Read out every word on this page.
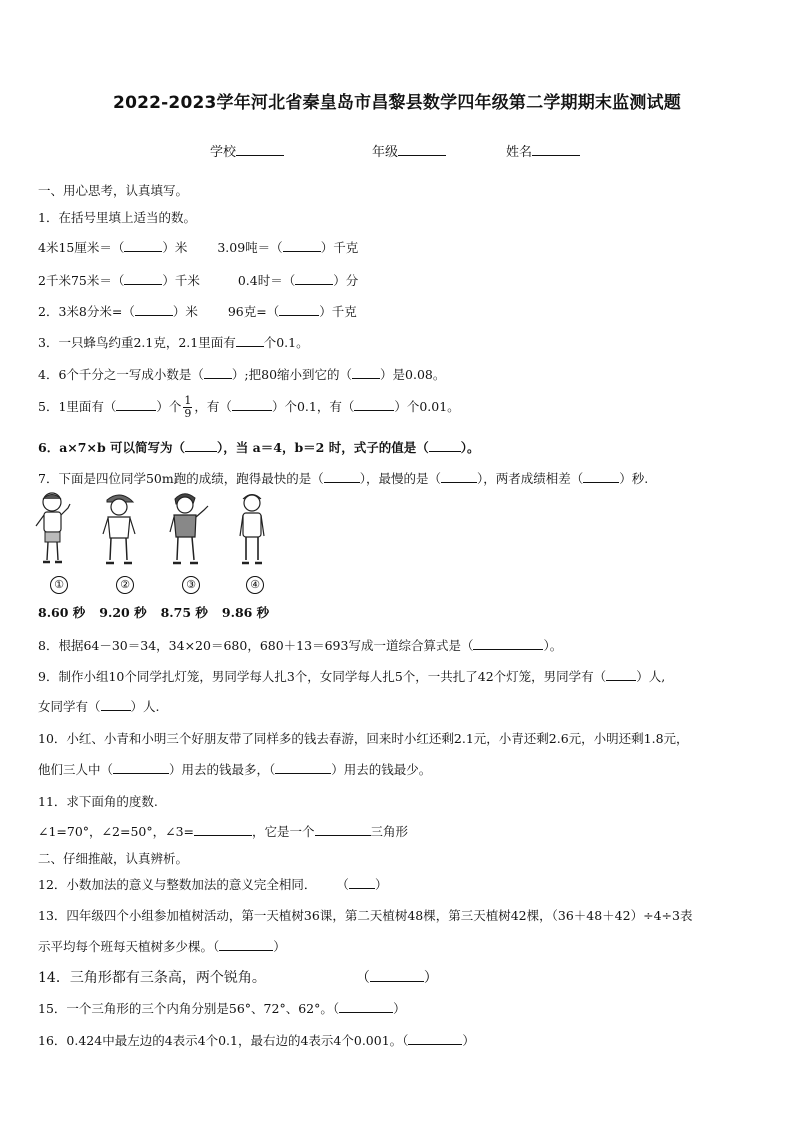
2022-2023学年河北省秦皇岛市昌黎县数学四年级第二学期期末监测试题
学校	年级	姓名
一、用心思考，认真填写。
1．在括号里填上适当的数。
4米15厘米＝（	）米 3.09吨＝（	）千克
2千米75米＝（	）千米	0.4时＝（	）分
2．3米8分米=（	）米 96克=（	）千克
3．一只蜂鸟约重2.1克，2.1里面有 个0.1。
4．6个千分之一写成小数是（ ）;把80缩小到它的（ ）是0.08。
5．1里面有（	）个 $\frac{1}{9}$ ，有（	）个0.1，有（	）个0.01。
6．a×7×b 可以简写为（	），当 a＝4，b＝2 时，式子的值是（	）。
7．下面是四位同学50m跑的成绩，跑得最快的是（	），最慢的是（	），两者成绩相差（	）秒.
①	②	③	④
8.60 秒 9.20 秒 8.75 秒 9.86 秒
8．根据64－30＝34，34×20＝680，680＋13＝693写成一道综合算式是（	）。
9．制作小组10个同学扎灯笼，男同学每人扎3个，女同学每人扎5个，一共扎了42个灯笼，男同学有（ ）人,
女同学有（ ）人.
10．小红、小青和小明三个好朋友带了同样多的钱去春游，回来时小红还剩2.1元，小青还剩2.6元，小明还剩1.8元，
他们三人中（	）用去的钱最多，（	）用去的钱最少。
11．求下面角的度数.
∠1=70°，∠2=50°，∠3=	，它是一个	三角形
二、仔细推敲，认真辨析。
12．小数加法的意义与整数加法的意义完全相同． （ ）
13．四年级四个小组参加植树活动，第一天植树36课，第二天植树48棵，第三天植树42棵，（36＋48＋42）÷4÷3表
示平均每个班每天植树多少棵。（	）
14．三角形都有三条高，两个锐角。	（	）
15．一个三角形的三个内角分别是56°、72°、62°。（	）
16．0.424中最左边的4表示4个0.1，最右边的4表示4个0.001。（	）
